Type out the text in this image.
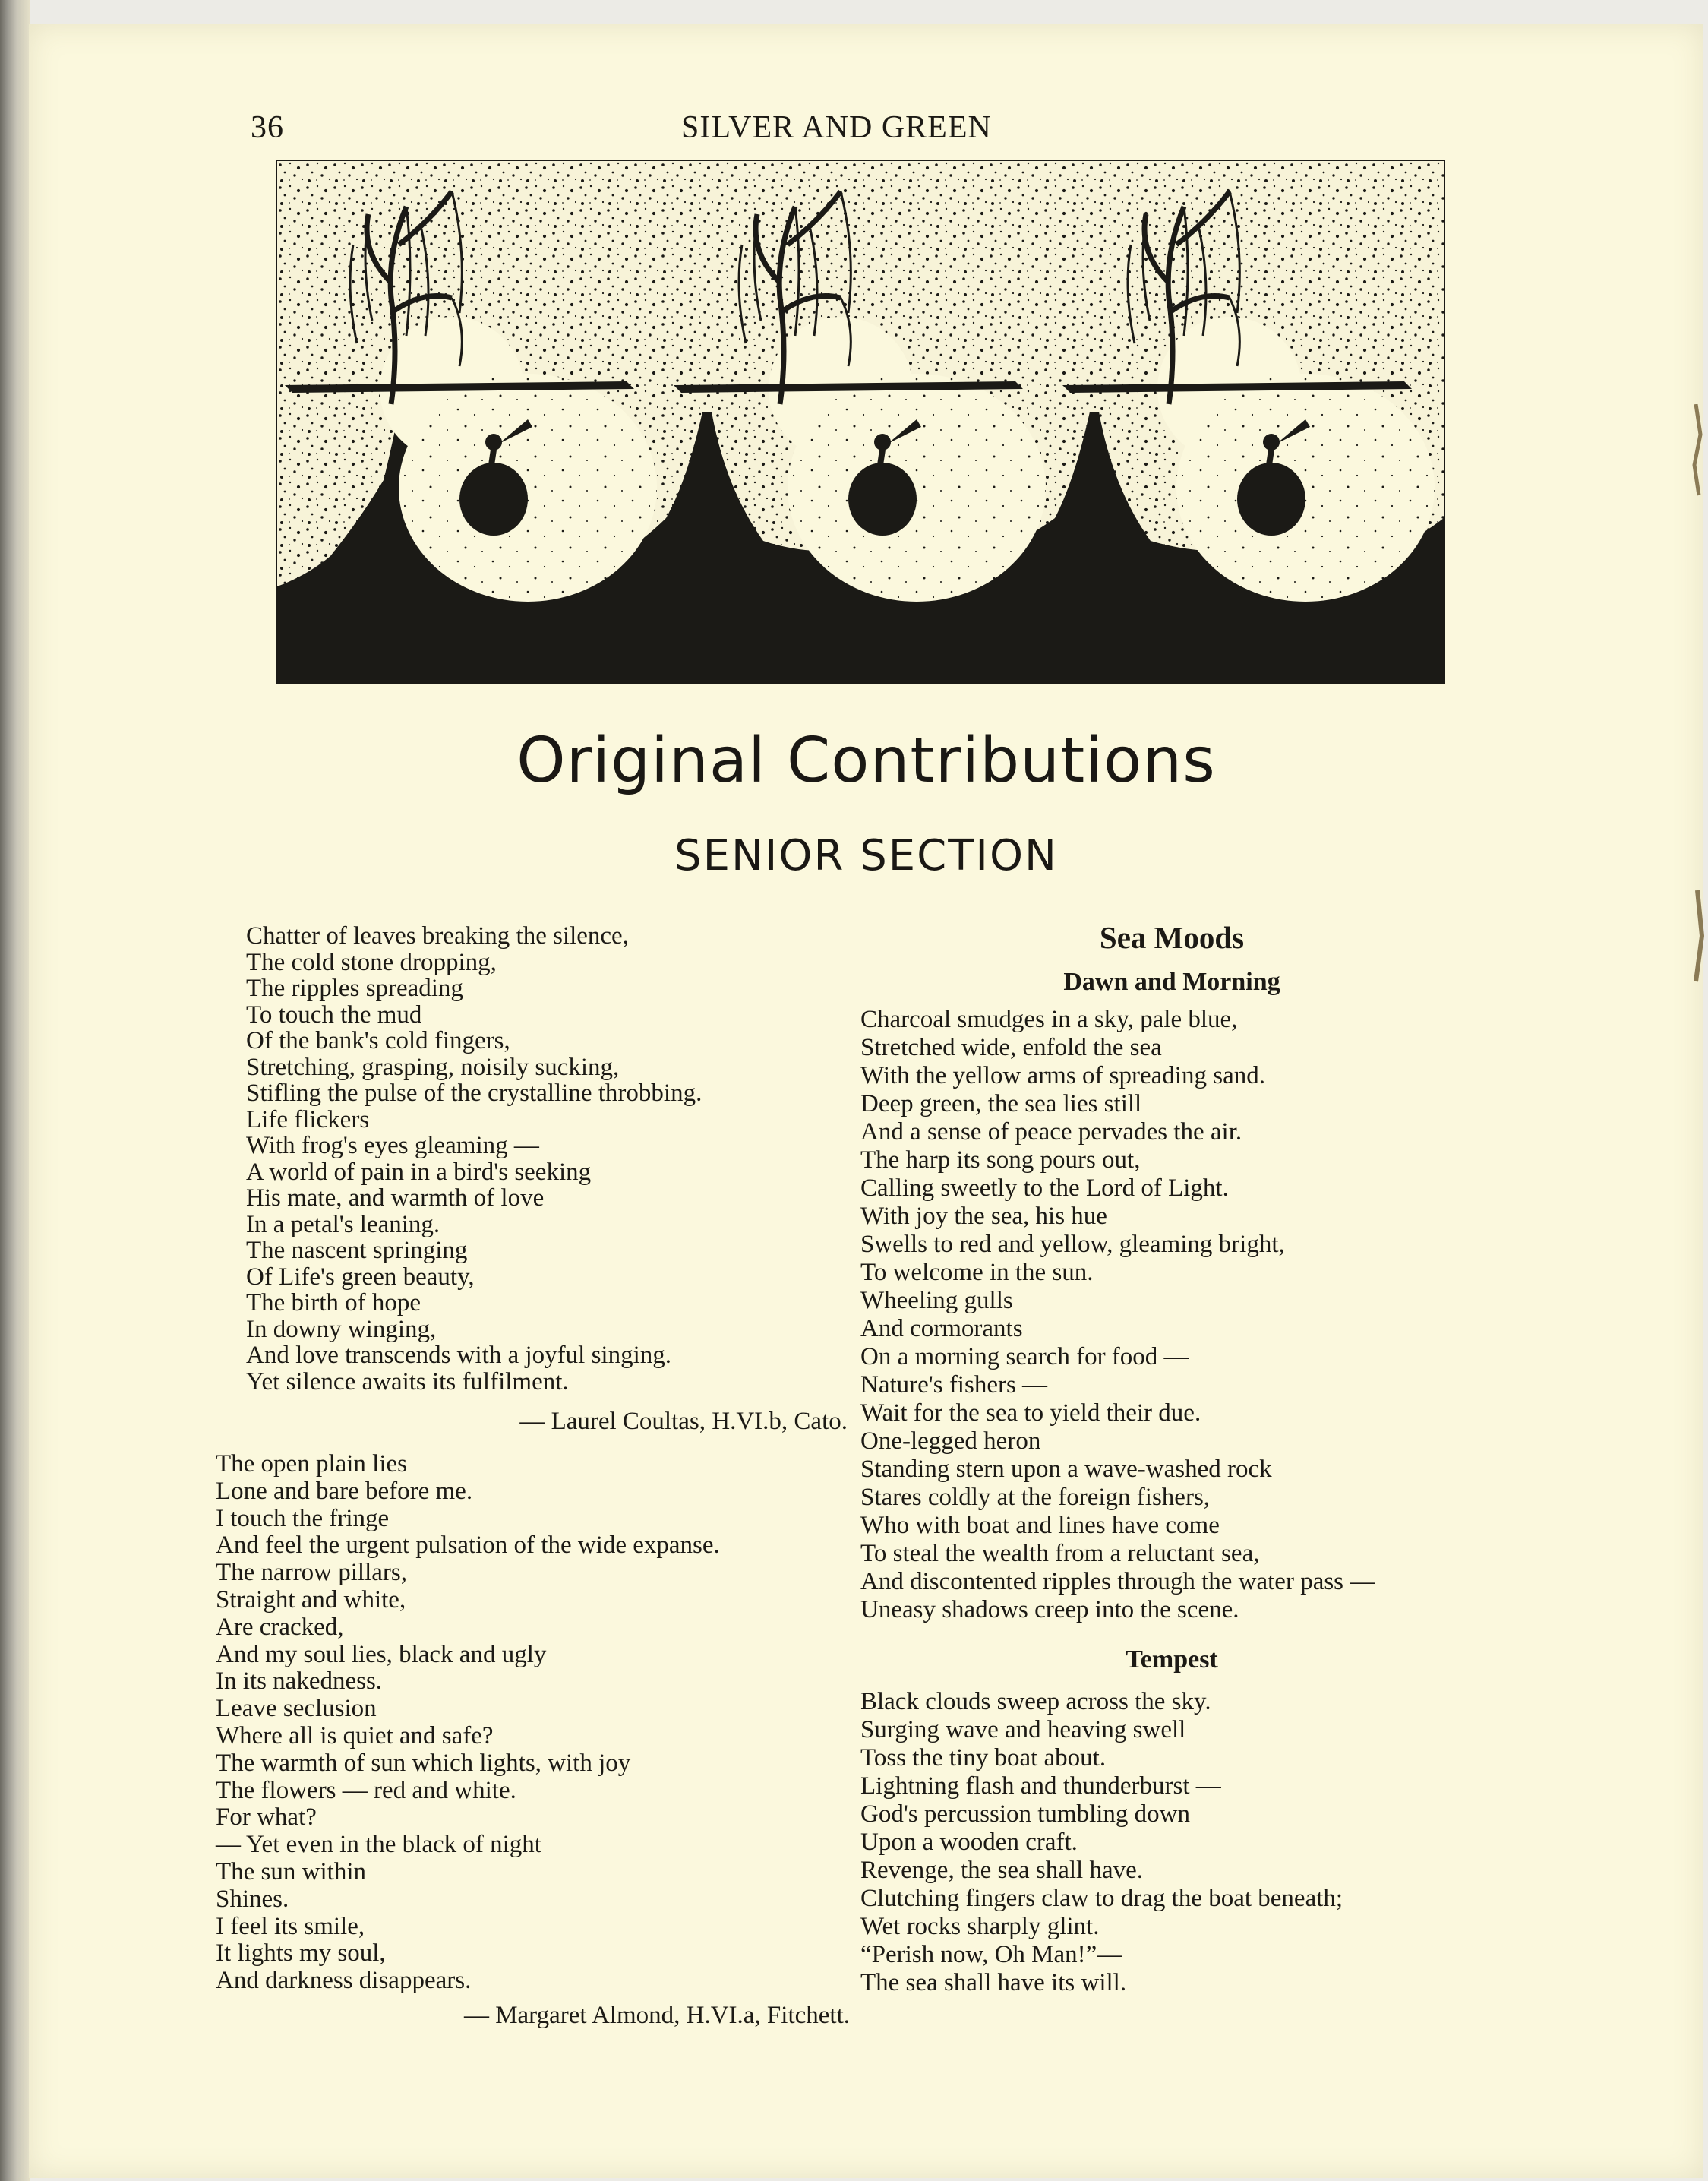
36	SILVER AND GREEN
Original Contributions
SENIOR SECTION
Chatter of leaves breaking the silence,
The cold stone dropping,
The ripples spreading
To touch the mud
Of the bank's cold fingers,
Stretching, grasping, noisily sucking,
Stifling the pulse of the crystalline throbbing.
Life flickers
With frog's eyes gleaming —
A world of pain in a bird's seeking
His mate, and warmth of love
In a petal's leaning.
The nascent springing
Of Life's green beauty,
The birth of hope
In downy winging,
And love transcends with a joyful singing.
Yet silence awaits its fulfilment.
— Laurel Coultas, H.VI.b, Cato.
The open plain lies
Lone and bare before me.
I touch the fringe
And feel the urgent pulsation of the wide expanse.
The narrow pillars,
Straight and white,
Are cracked,
And my soul lies, black and ugly
In its nakedness.
Leave seclusion
Where all is quiet and safe?
The warmth of sun which lights, with joy
The flowers — red and white.
For what?
— Yet even in the black of night
The sun within
Shines.
I feel its smile,
It lights my soul,
And darkness disappears.
— Margaret Almond, H.VI.a, Fitchett.
Sea Moods
Dawn and Morning
Charcoal smudges in a sky, pale blue,
Stretched wide, enfold the sea
With the yellow arms of spreading sand.
Deep green, the sea lies still
And a sense of peace pervades the air.
The harp its song pours out,
Calling sweetly to the Lord of Light.
With joy the sea, his hue
Swells to red and yellow, gleaming bright,
To welcome in the sun.
Wheeling gulls
And cormorants
On a morning search for food —
Nature's fishers —
Wait for the sea to yield their due.
One-legged heron
Standing stern upon a wave-washed rock
Stares coldly at the foreign fishers,
Who with boat and lines have come
To steal the wealth from a reluctant sea,
And discontented ripples through the water pass —
Uneasy shadows creep into the scene.
Tempest
Black clouds sweep across the sky.
Surging wave and heaving swell
Toss the tiny boat about.
Lightning flash and thunderburst —
God's percussion tumbling down
Upon a wooden craft.
Revenge, the sea shall have.
Clutching fingers claw to drag the boat beneath;
Wet rocks sharply glint.
“Perish now, Oh Man!”—
The sea shall have its will.
